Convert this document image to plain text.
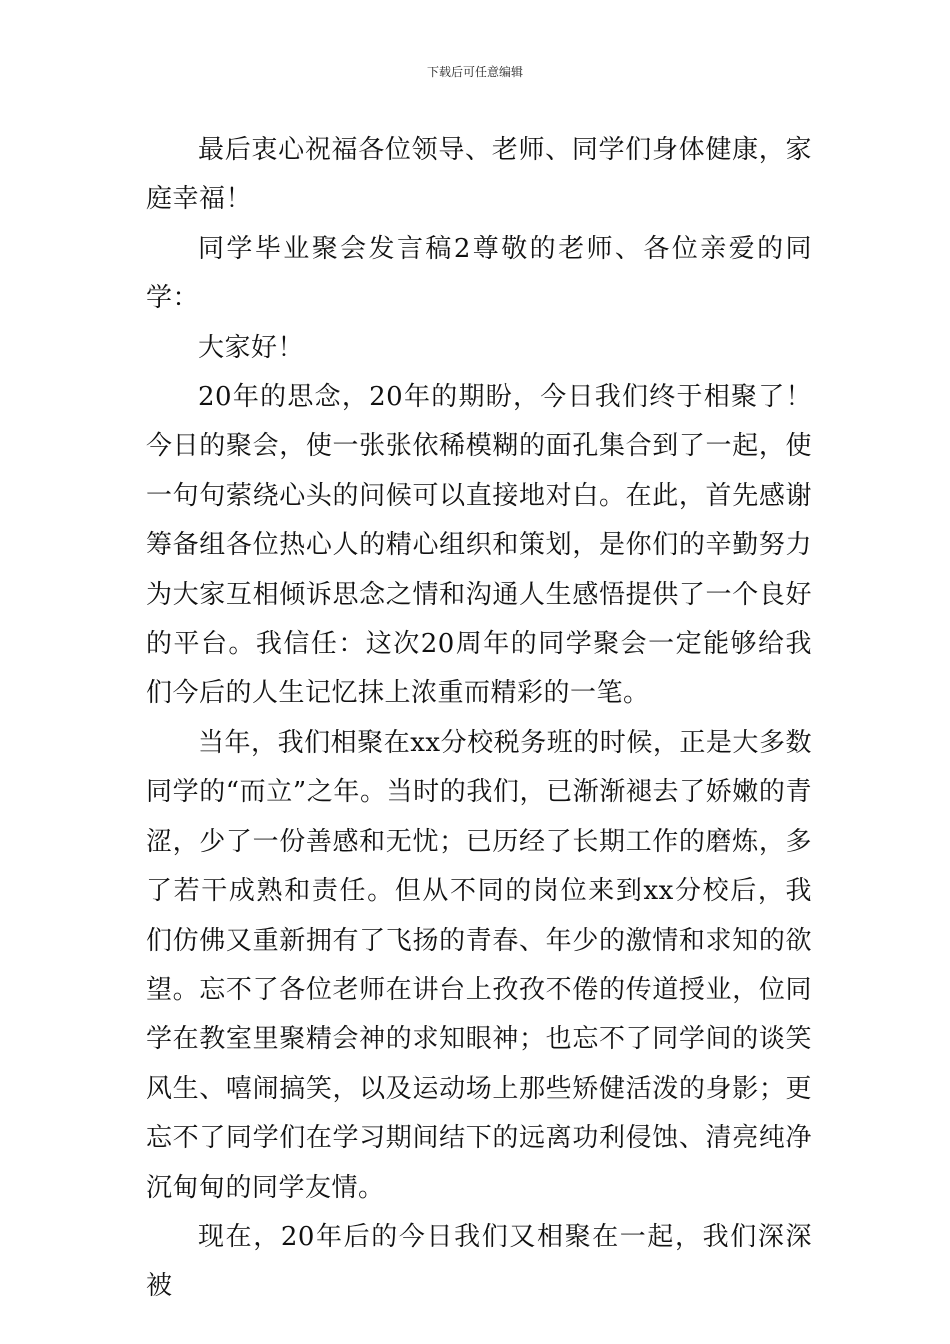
下载后可任意编辑

最后衷心祝福各位领导、老师、同学们身体健康，家庭幸福！

同学毕业聚会发言稿2尊敬的老师、各位亲爱的同学：

大家好！

20年的思念，20年的期盼，今日我们终于相聚了！今日的聚会，使一张张依稀模糊的面孔集合到了一起，使一句句萦绕心头的问候可以直接地对白。在此，首先感谢筹备组各位热心人的精心组织和策划，是你们的辛勤努力为大家互相倾诉思念之情和沟通人生感悟提供了一个良好的平台。我信任：这次20周年的同学聚会一定能够给我们今后的人生记忆抹上浓重而精彩的一笔。

当年，我们相聚在xx分校税务班的时候，正是大多数同学的“而立”之年。当时的我们，已渐渐褪去了娇嫩的青涩，少了一份善感和无忧；已历经了长期工作的磨炼，多了若干成熟和责任。但从不同的岗位来到xx分校后，我们仿佛又重新拥有了飞扬的青春、年少的激情和求知的欲望。忘不了各位老师在讲台上孜孜不倦的传道授业，位同学在教室里聚精会神的求知眼神；也忘不了同学间的谈笑风生、嘻闹搞笑，以及运动场上那些矫健活泼的身影；更忘不了同学们在学习期间结下的远离功利侵蚀、清亮纯净沉甸甸的同学友情。

现在，20年后的今日我们又相聚在一起，我们深深被
